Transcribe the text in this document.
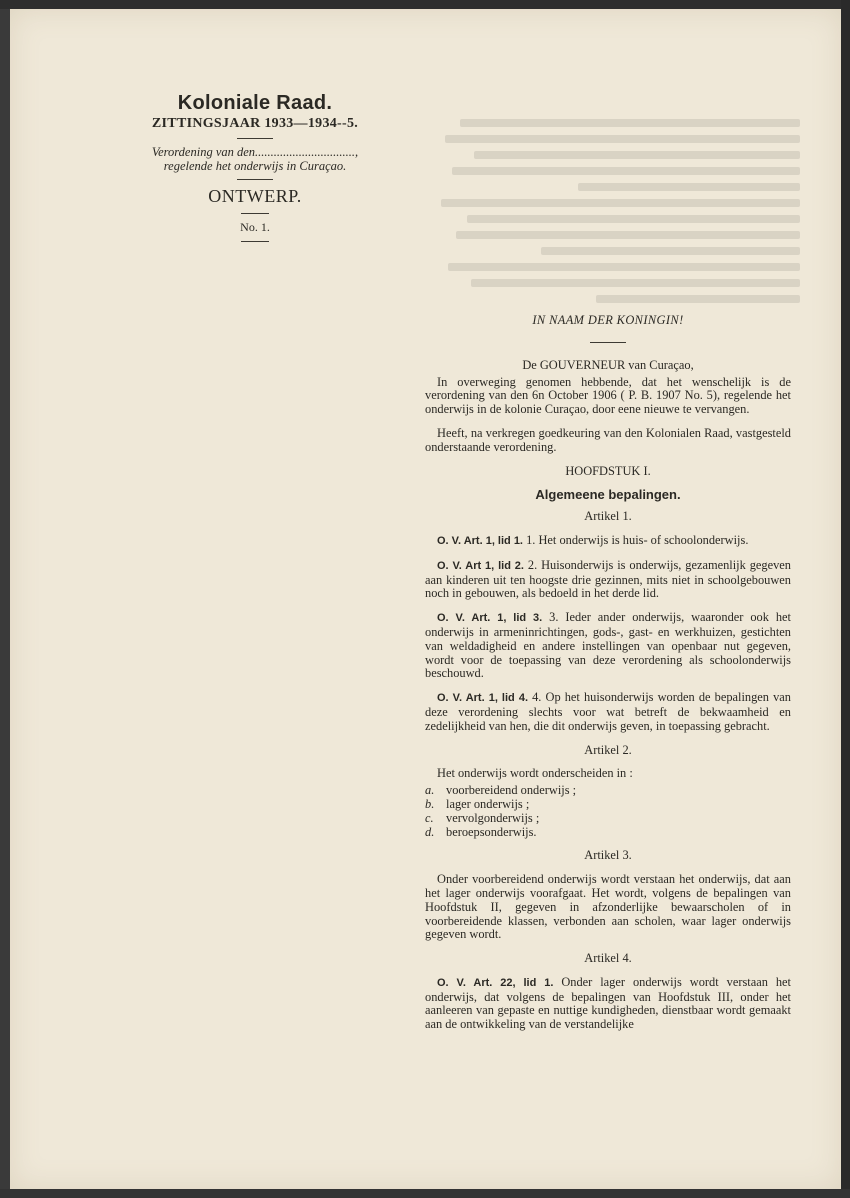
Koloniale Raad.
ZITTINGSJAAR 1933—1934--5.
Verordening van den................................,
regelende het onderwijs in Curaçao.
ONTWERP.
No. 1.
IN NAAM DER KONINGIN!
De GOUVERNEUR van Curaçao,

In overweging genomen hebbende, dat het wenschelijk is de verordening van den 6n October 1906 ( P. B. 1907 No. 5), regelende het onderwijs in de kolonie Curaçao, door eene nieuwe te vervangen.

Heeft, na verkregen goedkeuring van den Kolonialen Raad, vastgesteld onderstaande verordening.

HOOFDSTUK I.
Algemeene bepalingen.
Artikel 1.

O. V. Art. 1, lid 1. 1. Het onderwijs is huis- of schoolonderwijs.

O. V. Art 1, lid 2. 2. Huisonderwijs is onderwijs, gezamenlijk gegeven aan kinderen uit ten hoogste drie gezinnen, mits niet in schoolgebouwen noch in gebouwen, als bedoeld in het derde lid.

O. V. Art. 1, lid 3. 3. Ieder ander onderwijs, waaronder ook het onderwijs in armeninrichtingen, gods-, gast- en werkhuizen, gestichten van weldadigheid en andere instellingen van openbaar nut gegeven, wordt voor de toepassing van deze verordening als schoolonderwijs beschouwd.

O. V. Art. 1, lid 4. 4. Op het huisonderwijs worden de bepalingen van deze verordening slechts voor wat betreft de bekwaamheid en zedelijkheid van hen, die dit onderwijs geven, in toepassing gebracht.

Artikel 2.
Het onderwijs wordt onderscheiden in :
a. voorbereidend onderwijs ;
b. lager onderwijs ;
c. vervolgonderwijs ;
d. beroepsonderwijs.
Artikel 3.

Onder voorbereidend onderwijs wordt verstaan het onderwijs, dat aan het lager onderwijs voorafgaat. Het wordt, volgens de bepalingen van Hoofdstuk II, gegeven in afzonderlijke bewaarscholen of in voorbereidende klassen, verbonden aan scholen, waar lager onderwijs gegeven wordt.

Artikel 4.

O. V. Art. 22, lid 1. Onder lager onderwijs wordt verstaan het onderwijs, dat volgens de bepalingen van Hoofdstuk III, onder het aanleeren van gepaste en nuttige kundigheden, dienstbaar wordt gemaakt aan de ontwikkeling van de verstandelijke
